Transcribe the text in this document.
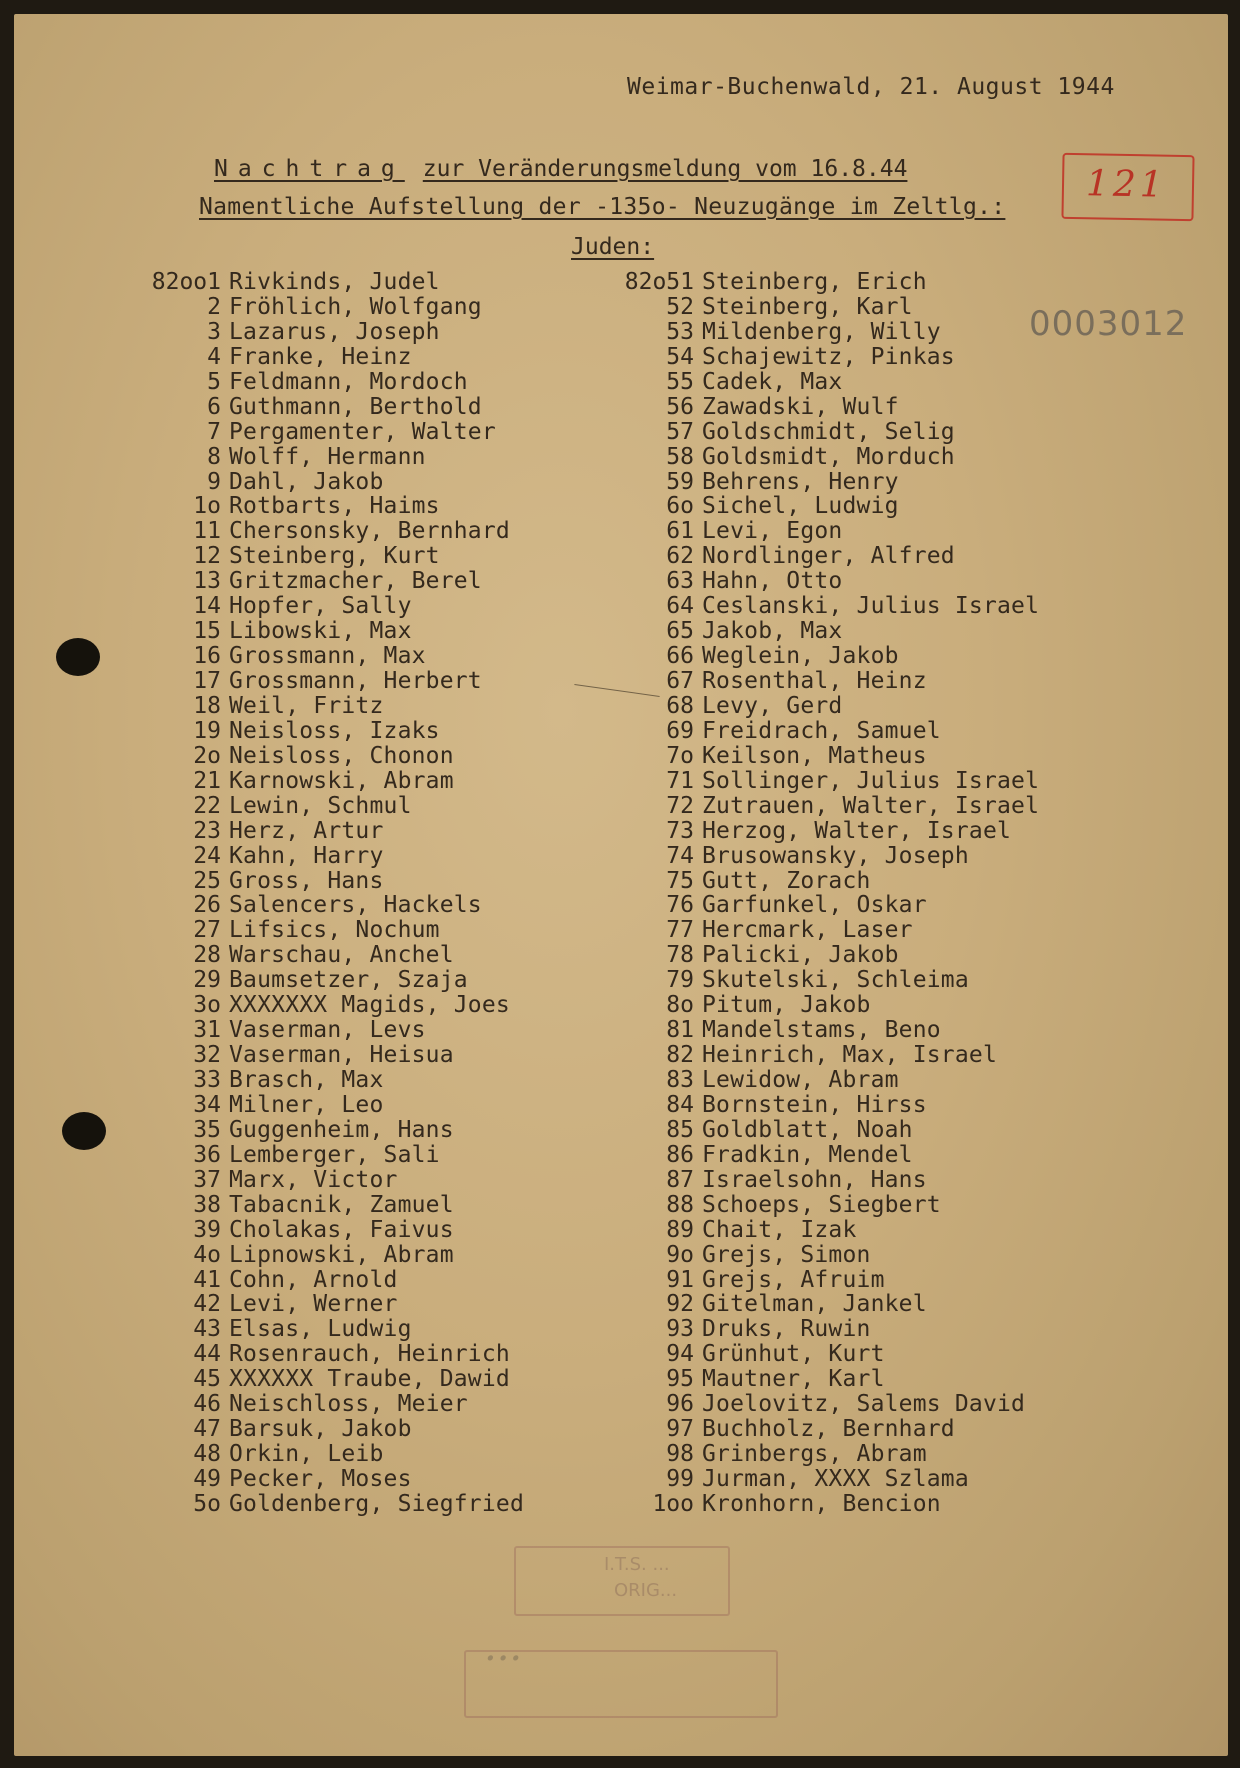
Weimar-Buchenwald, 21. August 1944
Nachtrag zur Veränderungsmeldung vom 16.8.44
Namentliche Aufstellung der -135o- Neuzugänge im Zeltlg.:
Juden:
121
0003012
82oo1 Rivkinds, Judel
2 Fröhlich, Wolfgang
3 Lazarus, Joseph
4 Franke, Heinz
5 Feldmann, Mordoch
6 Guthmann, Berthold
7 Pergamenter, Walter
8 Wolff, Hermann
9 Dahl, Jakob
1o Rotbarts, Haims
11 Chersonsky, Bernhard
12 Steinberg, Kurt
13 Gritzmacher, Berel
14 Hopfer, Sally
15 Libowski, Max
16 Grossmann, Max
17 Grossmann, Herbert
18 Weil, Fritz
19 Neisloss, Izaks
2o Neisloss, Chonon
21 Karnowski, Abram
22 Lewin, Schmul
23 Herz, Artur
24 Kahn, Harry
25 Gross, Hans
26 Salencers, Hackels
27 Lifsics, Nochum
28 Warschau, Anchel
29 Baumsetzer, Szaja
3o XXXXXXX Magids, Joes
31 Vaserman, Levs
32 Vaserman, Heisua
33 Brasch, Max
34 Milner, Leo
35 Guggenheim, Hans
36 Lemberger, Sali
37 Marx, Victor
38 Tabacnik, Zamuel
39 Cholakas, Faivus
4o Lipnowski, Abram
41 Cohn, Arnold
42 Levi, Werner
43 Elsas, Ludwig
44 Rosenrauch, Heinrich
45 XXXXXX Traube, Dawid
46 Neischloss, Meier
47 Barsuk, Jakob
48 Orkin, Leib
49 Pecker, Moses
5o Goldenberg, Siegfried
82o51 Steinberg, Erich
52 Steinberg, Karl
53 Mildenberg, Willy
54 Schajewitz, Pinkas
55 Cadek, Max
56 Zawadski, Wulf
57 Goldschmidt, Selig
58 Goldsmidt, Morduch
59 Behrens, Henry
6o Sichel, Ludwig
61 Levi, Egon
62 Nordlinger, Alfred
63 Hahn, Otto
64 Ceslanski, Julius Israel
65 Jakob, Max
66 Weglein, Jakob
67 Rosenthal, Heinz
68 Levy, Gerd
69 Freidrach, Samuel
7o Keilson, Matheus
71 Sollinger, Julius Israel
72 Zutrauen, Walter, Israel
73 Herzog, Walter, Israel
74 Brusowansky, Joseph
75 Gutt, Zorach
76 Garfunkel, Oskar
77 Hercmark, Laser
78 Palicki, Jakob
79 Skutelski, Schleima
8o Pitum, Jakob
81 Mandelstams, Beno
82 Heinrich, Max, Israel
83 Lewidow, Abram
84 Bornstein, Hirss
85 Goldblatt, Noah
86 Fradkin, Mendel
87 Israelsohn, Hans
88 Schoeps, Siegbert
89 Chait, Izak
9o Grejs, Simon
91 Grejs, Afruim
92 Gitelman, Jankel
93 Druks, Ruwin
94 Grünhut, Kurt
95 Mautner, Karl
96 Joelovitz, Salems David
97 Buchholz, Bernhard
98 Grinbergs, Abram
99 Jurman, XXXX Szlama
1oo Kronhorn, Bencion
I.T.S. ...
ORIG...
...
